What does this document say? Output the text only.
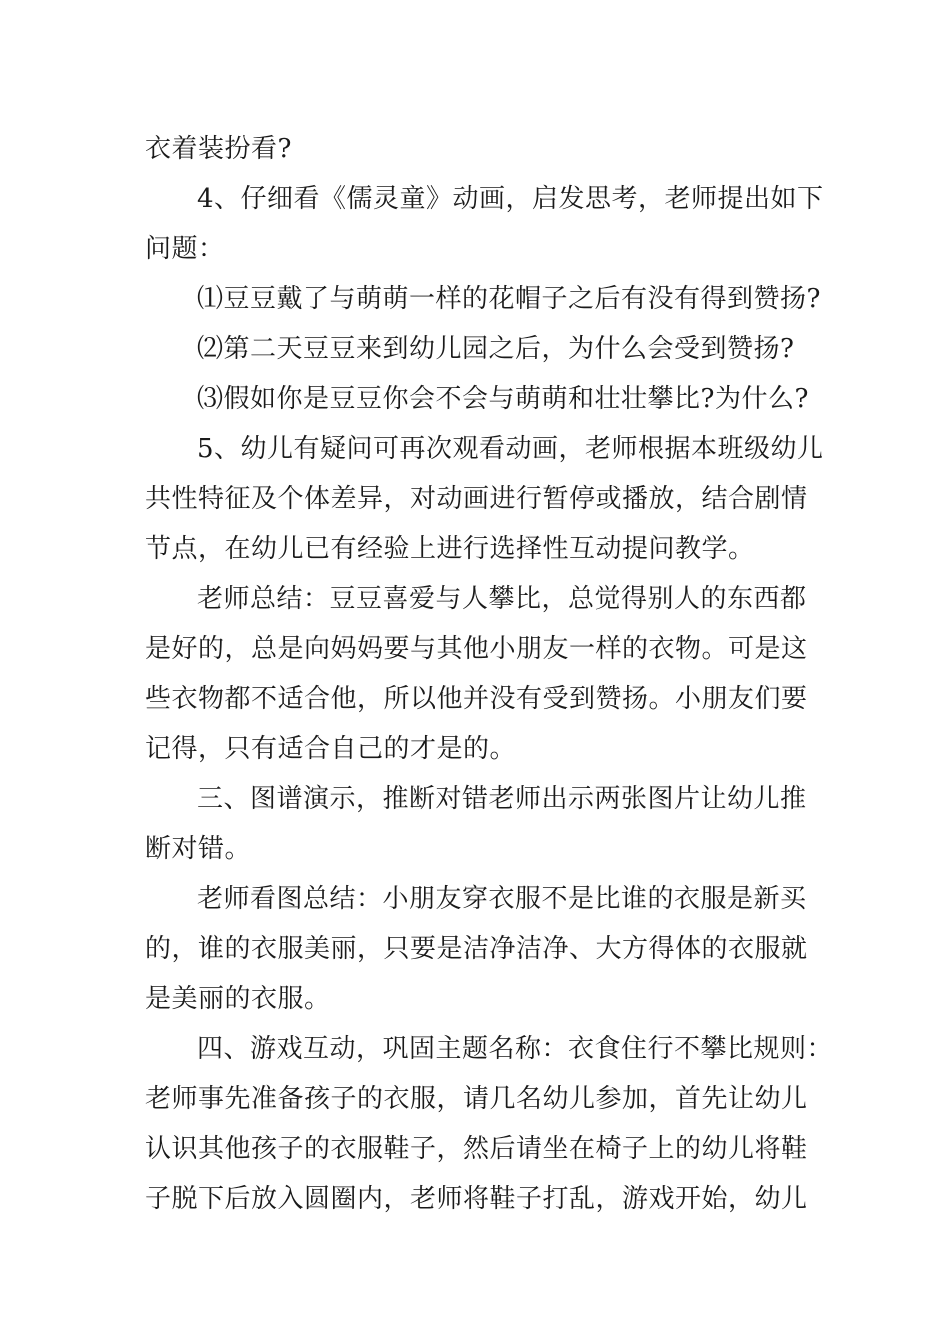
衣着装扮看?
4、仔细看《儒灵童》动画，启发思考，老师提出如下
问题：
⑴豆豆戴了与萌萌一样的花帽子之后有没有得到赞扬?
⑵第二天豆豆来到幼儿园之后，为什么会受到赞扬?
⑶假如你是豆豆你会不会与萌萌和壮壮攀比?为什么?
5、幼儿有疑问可再次观看动画，老师根据本班级幼儿
共性特征及个体差异，对动画进行暂停或播放，结合剧情
节点，在幼儿已有经验上进行选择性互动提问教学。
老师总结：豆豆喜爱与人攀比，总觉得别人的东西都
是好的，总是向妈妈要与其他小朋友一样的衣物。可是这
些衣物都不适合他，所以他并没有受到赞扬。小朋友们要
记得，只有适合自己的才是的。
三、图谱演示，推断对错老师出示两张图片让幼儿推
断对错。
老师看图总结：小朋友穿衣服不是比谁的衣服是新买
的，谁的衣服美丽，只要是洁净洁净、大方得体的衣服就
是美丽的衣服。
四、游戏互动，巩固主题名称：衣食住行不攀比规则：
老师事先准备孩子的衣服，请几名幼儿参加，首先让幼儿
认识其他孩子的衣服鞋子，然后请坐在椅子上的幼儿将鞋
子脱下后放入圆圈内，老师将鞋子打乱，游戏开始，幼儿
